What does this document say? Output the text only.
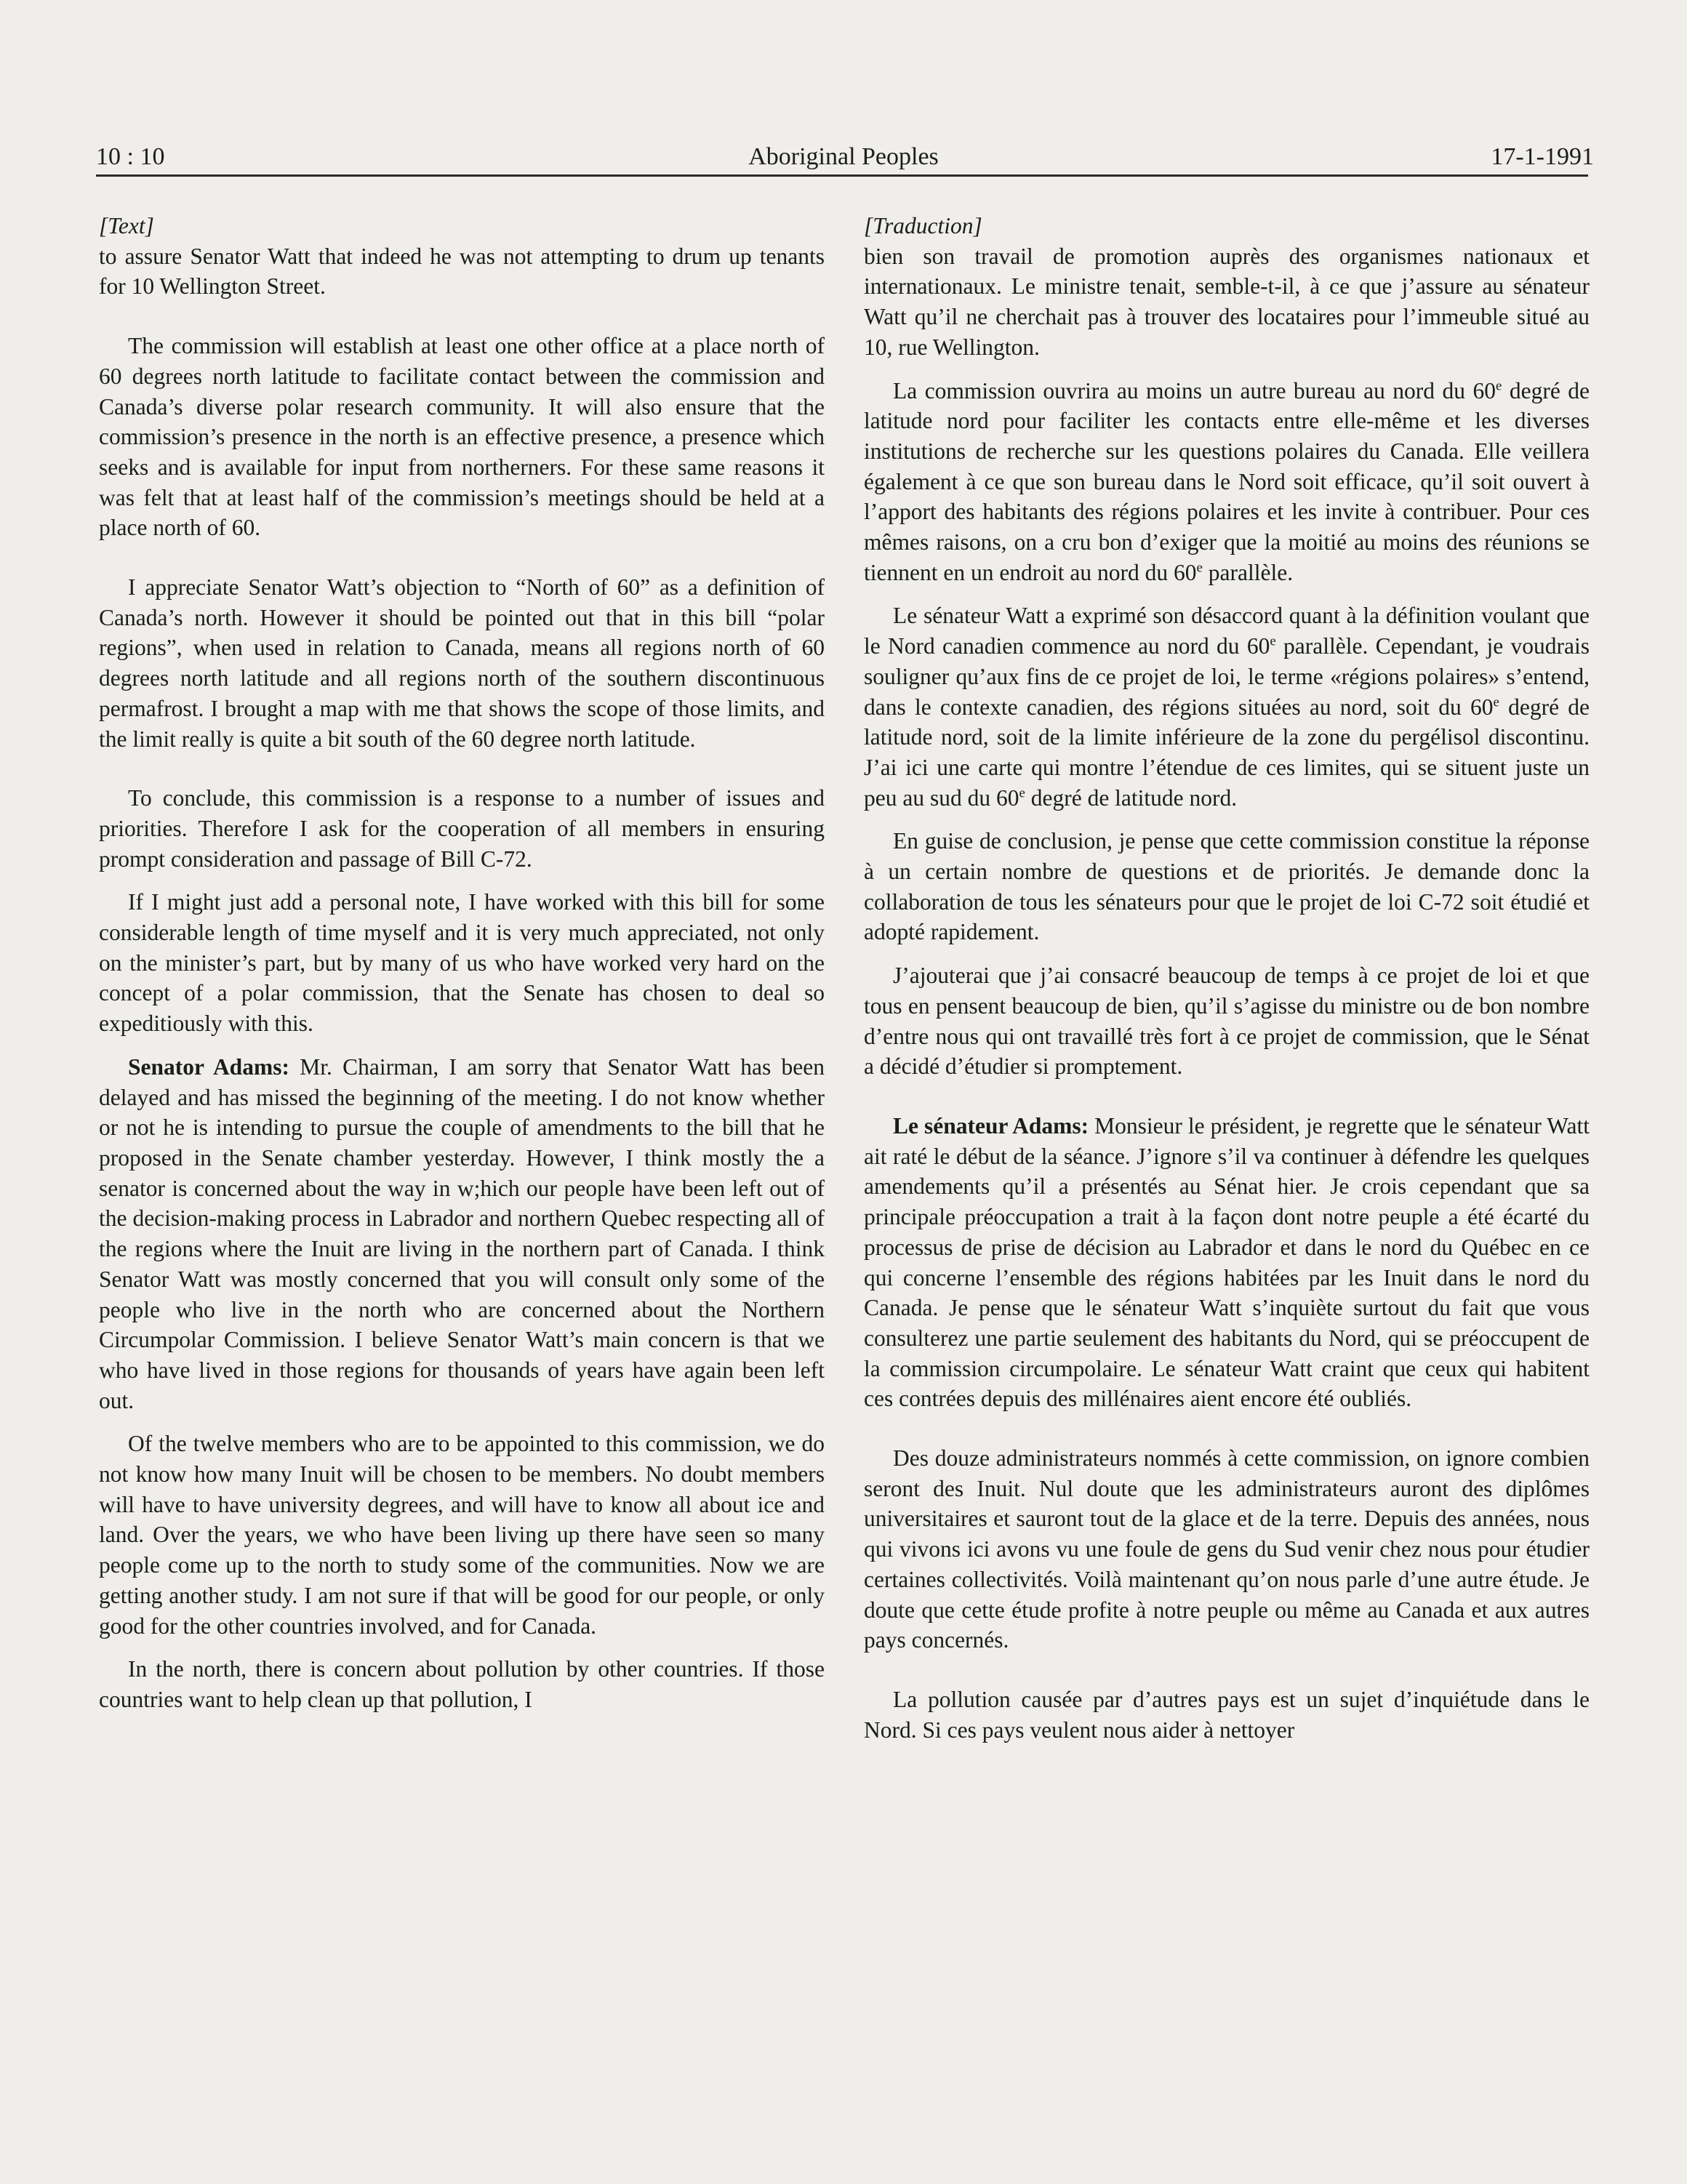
10 : 10	Aboriginal Peoples	17-1-1991

[Text]

to assure Senator Watt that indeed he was not attempting to drum up tenants for 10 Wellington Street.

The commission will establish at least one other office at a place north of 60 degrees north latitude to facilitate contact between the commission and Canada’s diverse polar research community. It will also ensure that the commission’s presence in the north is an effective presence, a presence which seeks and is available for input from northerners. For these same reasons it was felt that at least half of the commission’s meetings should be held at a place north of 60.

I appreciate Senator Watt’s objection to “North of 60” as a definition of Canada’s north. However it should be pointed out that in this bill “polar regions”, when used in relation to Canada, means all regions north of 60 degrees north latitude and all regions north of the southern discontinuous permafrost. I brought a map with me that shows the scope of those limits, and the limit really is quite a bit south of the 60 degree north latitude.

To conclude, this commission is a response to a number of issues and priorities. Therefore I ask for the cooperation of all members in ensuring prompt consideration and passage of Bill C-72.

If I might just add a personal note, I have worked with this bill for some considerable length of time myself and it is very much appreciated, not only on the minister’s part, but by many of us who have worked very hard on the concept of a polar commission, that the Senate has chosen to deal so expeditiously with this.

Senator Adams: Mr. Chairman, I am sorry that Senator Watt has been delayed and has missed the beginning of the meeting. I do not know whether or not he is intending to pursue the couple of amendments to the bill that he proposed in the Senate chamber yesterday. However, I think mostly the a senator is concerned about the way in w;hich our people have been left out of the decision-making process in Labrador and northern Quebec respecting all of the regions where the Inuit are living in the northern part of Canada. I think Senator Watt was mostly concerned that you will consult only some of the people who live in the north who are concerned about the Northern Circumpolar Commission. I believe Senator Watt’s main concern is that we who have lived in those regions for thousands of years have again been left out.

Of the twelve members who are to be appointed to this commission, we do not know how many Inuit will be chosen to be members. No doubt members will have to have university degrees, and will have to know all about ice and land. Over the years, we who have been living up there have seen so many people come up to the north to study some of the communities. Now we are getting another study. I am not sure if that will be good for our people, or only good for the other countries involved, and for Canada.

In the north, there is concern about pollution by other countries. If those countries want to help clean up that pollution, I

[Traduction]

bien son travail de promotion auprès des organismes nationaux et internationaux. Le ministre tenait, semble-t-il, à ce que j’assure au sénateur Watt qu’il ne cherchait pas à trouver des locataires pour l’immeuble situé au 10, rue Wellington.

La commission ouvrira au moins un autre bureau au nord du 60e degré de latitude nord pour faciliter les contacts entre elle-même et les diverses institutions de recherche sur les questions polaires du Canada. Elle veillera également à ce que son bureau dans le Nord soit efficace, qu’il soit ouvert à l’apport des habitants des régions polaires et les invite à contribuer. Pour ces mêmes raisons, on a cru bon d’exiger que la moitié au moins des réunions se tiennent en un endroit au nord du 60e parallèle.

Le sénateur Watt a exprimé son désaccord quant à la définition voulant que le Nord canadien commence au nord du 60e parallèle. Cependant, je voudrais souligner qu’aux fins de ce projet de loi, le terme «régions polaires» s’entend, dans le contexte canadien, des régions situées au nord, soit du 60e degré de latitude nord, soit de la limite inférieure de la zone du pergélisol discontinu. J’ai ici une carte qui montre l’étendue de ces limites, qui se situent juste un peu au sud du 60e degré de latitude nord.

En guise de conclusion, je pense que cette commission constitue la réponse à un certain nombre de questions et de priorités. Je demande donc la collaboration de tous les sénateurs pour que le projet de loi C-72 soit étudié et adopté rapidement.

J’ajouterai que j’ai consacré beaucoup de temps à ce projet de loi et que tous en pensent beaucoup de bien, qu’il s’agisse du ministre ou de bon nombre d’entre nous qui ont travaillé très fort à ce projet de commission, que le Sénat a décidé d’étudier si promptement.

Le sénateur Adams: Monsieur le président, je regrette que le sénateur Watt ait raté le début de la séance. J’ignore s’il va continuer à défendre les quelques amendements qu’il a présentés au Sénat hier. Je crois cependant que sa principale préoccupation a trait à la façon dont notre peuple a été écarté du processus de prise de décision au Labrador et dans le nord du Québec en ce qui concerne l’ensemble des régions habitées par les Inuit dans le nord du Canada. Je pense que le sénateur Watt s’inquiète surtout du fait que vous consulterez une partie seulement des habitants du Nord, qui se préoccupent de la commission circumpolaire. Le sénateur Watt craint que ceux qui habitent ces contrées depuis des millénaires aient encore été oubliés.

Des douze administrateurs nommés à cette commission, on ignore combien seront des Inuit. Nul doute que les administrateurs auront des diplômes universitaires et sauront tout de la glace et de la terre. Depuis des années, nous qui vivons ici avons vu une foule de gens du Sud venir chez nous pour étudier certaines collectivités. Voilà maintenant qu’on nous parle d’une autre étude. Je doute que cette étude profite à notre peuple ou même au Canada et aux autres pays concernés.

La pollution causée par d’autres pays est un sujet d’inquiétude dans le Nord. Si ces pays veulent nous aider à nettoyer
